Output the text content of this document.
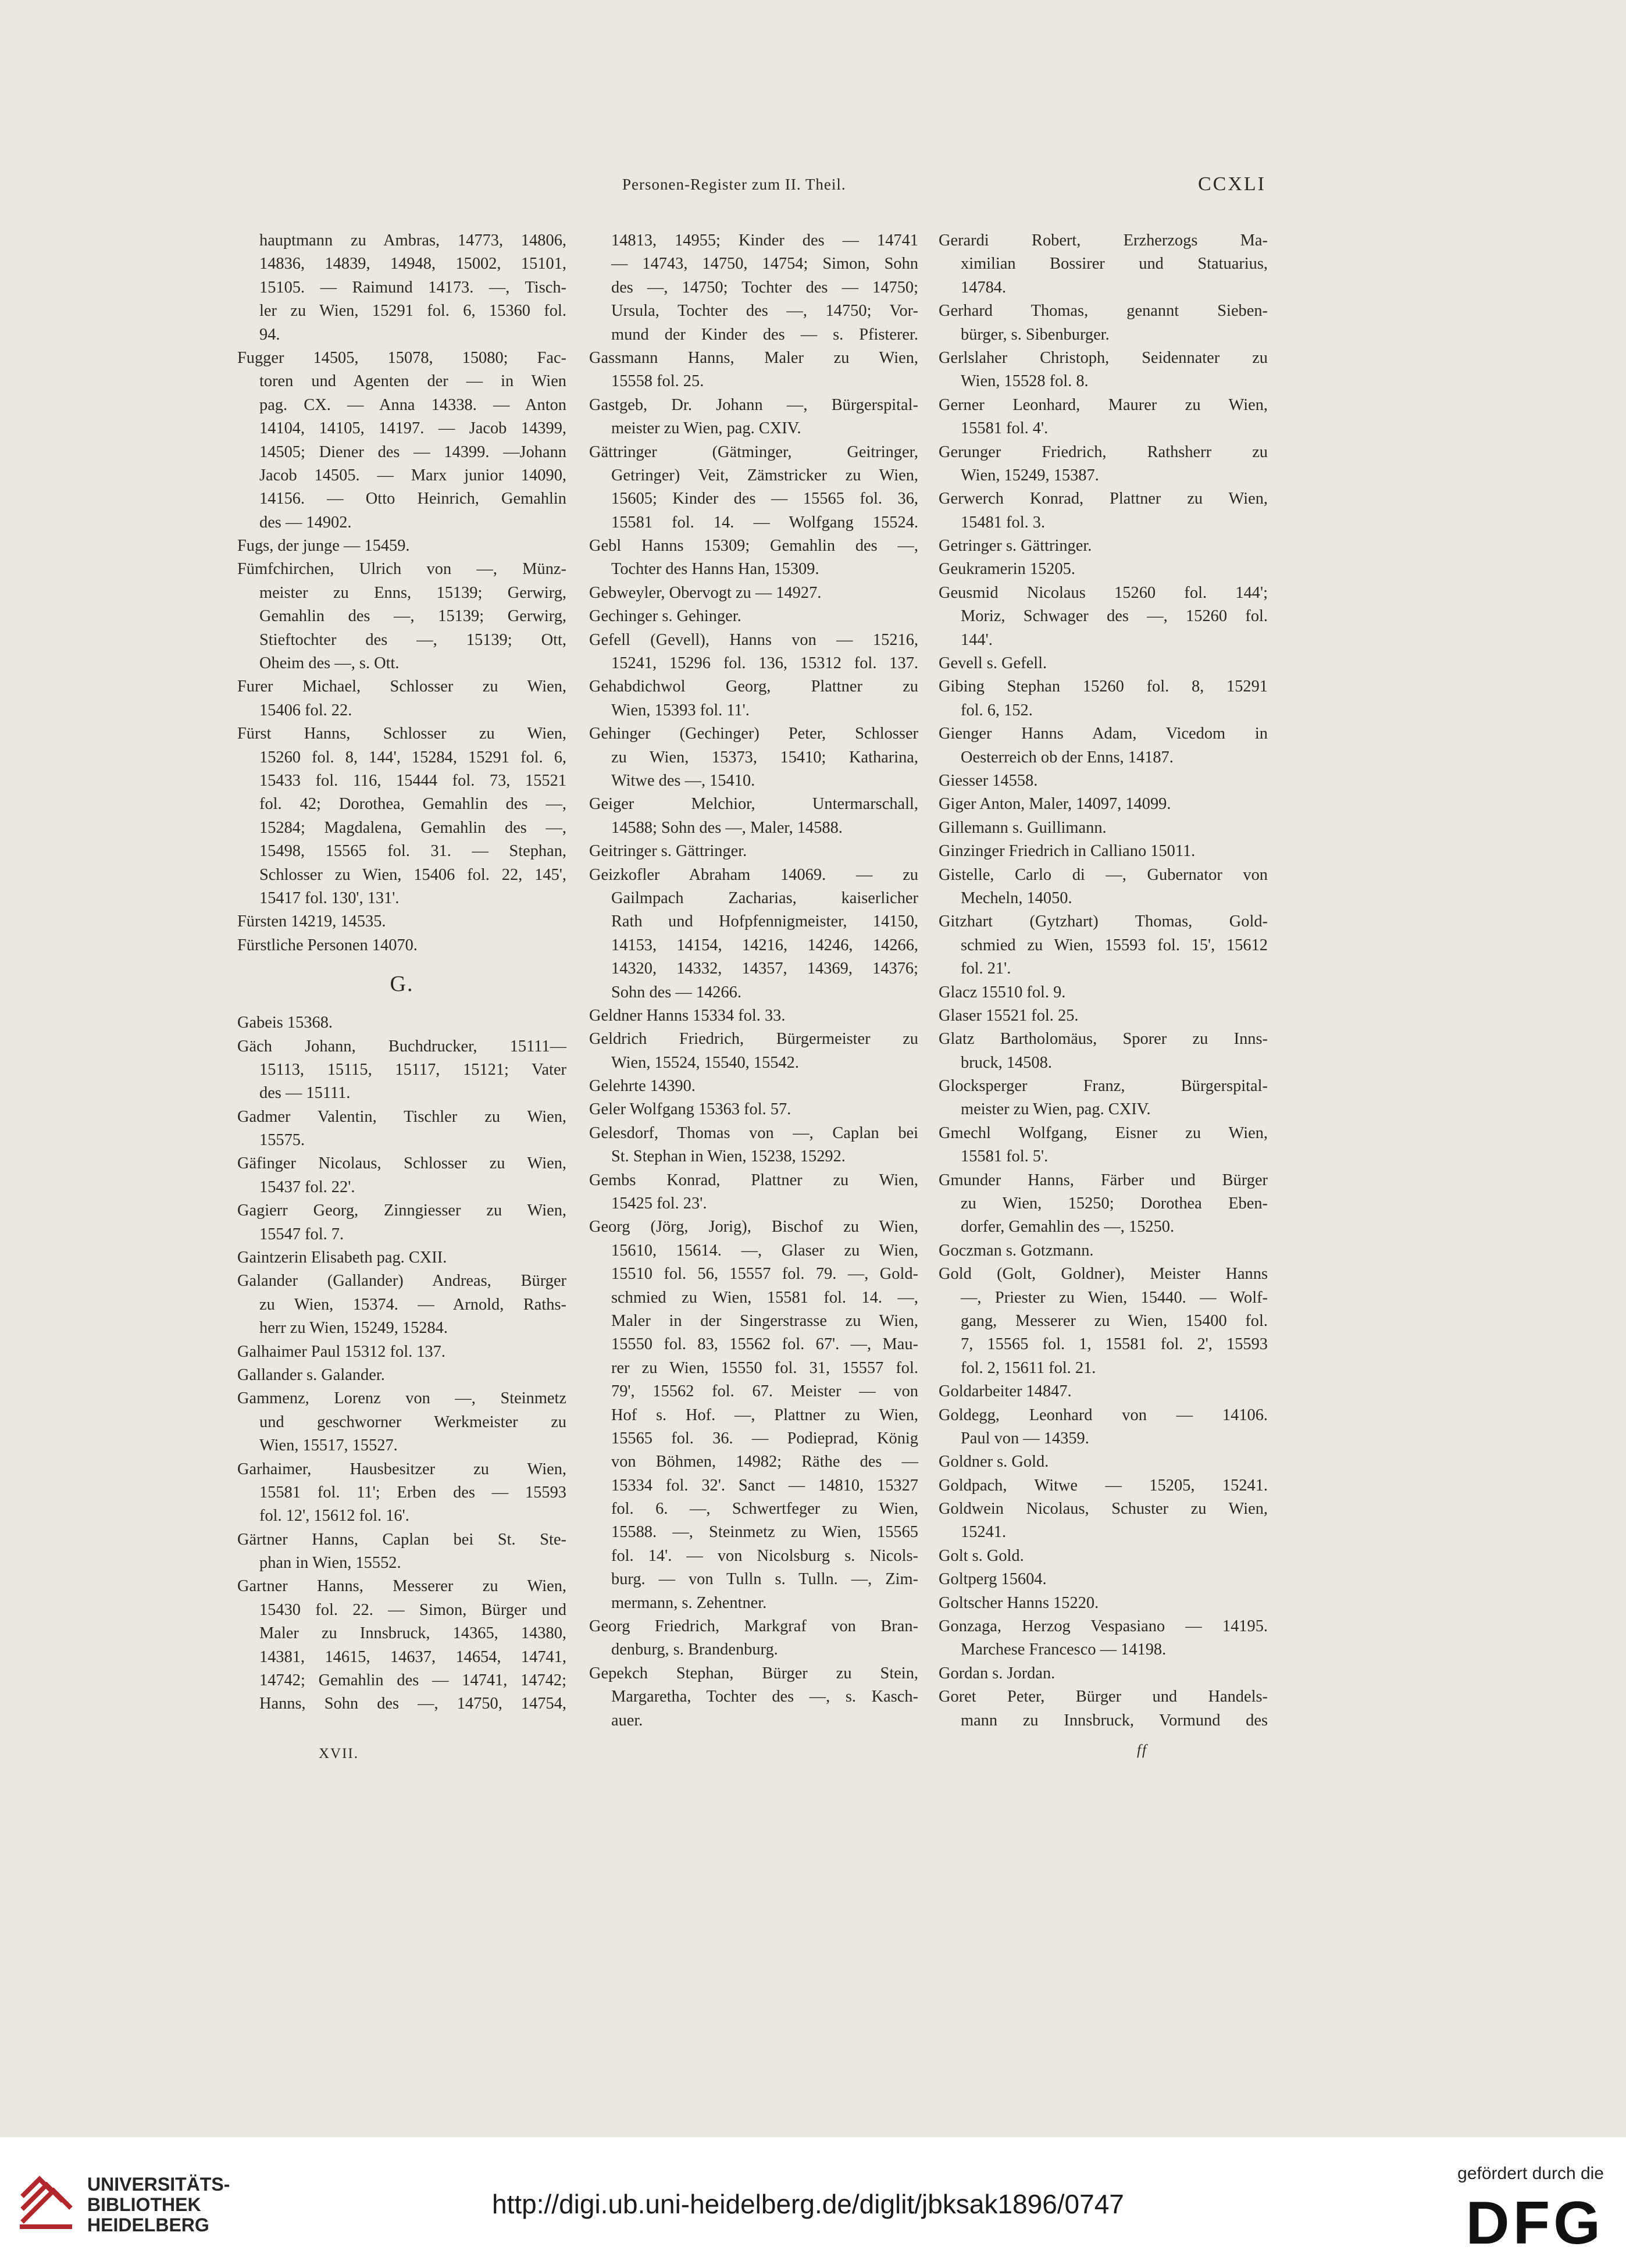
Personen-Register zum II. Theil.	CCXLI
hauptmann zu Ambras, 14773, 14806,
14836, 14839, 14948, 15002, 15101,
15105. — Raimund 14173. —, Tisch-
ler zu Wien, 15291 fol. 6, 15360 fol.
94.
Fugger 14505, 15078, 15080; Fac-
toren und Agenten der — in Wien
pag. CX. — Anna 14338. — Anton
14104, 14105, 14197. — Jacob 14399,
14505; Diener des — 14399. —Johann
Jacob 14505. — Marx junior 14090,
14156. — Otto Heinrich, Gemahlin
des — 14902.
Fugs, der junge — 15459.
Fümfchirchen, Ulrich von —, Münz-
meister zu Enns, 15139; Gerwirg,
Gemahlin des —, 15139; Gerwirg,
Stieftochter des —, 15139; Ott,
Oheim des —, s. Ott.
Furer Michael, Schlosser zu Wien,
15406 fol. 22.
Fürst Hanns, Schlosser zu Wien,
15260 fol. 8, 144', 15284, 15291 fol. 6,
15433 fol. 116, 15444 fol. 73, 15521
fol. 42; Dorothea, Gemahlin des —,
15284; Magdalena, Gemahlin des —,
15498, 15565 fol. 31. — Stephan,
Schlosser zu Wien, 15406 fol. 22, 145',
15417 fol. 130', 131'.
Fürsten 14219, 14535.
Fürstliche Personen 14070.
G.
Gabeis 15368.
Gäch Johann, Buchdrucker, 15111—
15113, 15115, 15117, 15121; Vater
des — 15111.
Gadmer Valentin, Tischler zu Wien,
15575.
Gäfinger Nicolaus, Schlosser zu Wien,
15437 fol. 22'.
Gagierr Georg, Zinngiesser zu Wien,
15547 fol. 7.
Gaintzerin Elisabeth pag. CXII.
Galander (Gallander) Andreas, Bürger
zu Wien, 15374. — Arnold, Raths-
herr zu Wien, 15249, 15284.
Galhaimer Paul 15312 fol. 137.
Gallander s. Galander.
Gammenz, Lorenz von —, Steinmetz
und geschworner Werkmeister zu
Wien, 15517, 15527.
Garhaimer, Hausbesitzer zu Wien,
15581 fol. 11'; Erben des — 15593
fol. 12', 15612 fol. 16'.
Gärtner Hanns, Caplan bei St. Ste-
phan in Wien, 15552.
Gartner Hanns, Messerer zu Wien,
15430 fol. 22. — Simon, Bürger und
Maler zu Innsbruck, 14365, 14380,
14381, 14615, 14637, 14654, 14741,
14742; Gemahlin des — 14741, 14742;
Hanns, Sohn des —, 14750, 14754,
14813, 14955; Kinder des — 14741
— 14743, 14750, 14754; Simon, Sohn
des —, 14750; Tochter des — 14750;
Ursula, Tochter des —, 14750; Vor-
mund der Kinder des — s. Pfisterer.
Gassmann Hanns, Maler zu Wien,
15558 fol. 25.
Gastgeb, Dr. Johann —, Bürgerspital-
meister zu Wien, pag. CXIV.
Gättringer (Gätminger, Geitringer,
Getringer) Veit, Zämstricker zu Wien,
15605; Kinder des — 15565 fol. 36,
15581 fol. 14. — Wolfgang 15524.
Gebl Hanns 15309; Gemahlin des —,
Tochter des Hanns Han, 15309.
Gebweyler, Obervogt zu — 14927.
Gechinger s. Gehinger.
Gefell (Gevell), Hanns von — 15216,
15241, 15296 fol. 136, 15312 fol. 137.
Gehabdichwol Georg, Plattner zu
Wien, 15393 fol. 11'.
Gehinger (Gechinger) Peter, Schlosser
zu Wien, 15373, 15410; Katharina,
Witwe des —, 15410.
Geiger Melchior, Untermarschall,
14588; Sohn des —, Maler, 14588.
Geitringer s. Gättringer.
Geizkofler Abraham 14069. — zu
Gailmpach Zacharias, kaiserlicher
Rath und Hofpfennigmeister, 14150,
14153, 14154, 14216, 14246, 14266,
14320, 14332, 14357, 14369, 14376;
Sohn des — 14266.
Geldner Hanns 15334 fol. 33.
Geldrich Friedrich, Bürgermeister zu
Wien, 15524, 15540, 15542.
Gelehrte 14390.
Geler Wolfgang 15363 fol. 57.
Gelesdorf, Thomas von —, Caplan bei
St. Stephan in Wien, 15238, 15292.
Gembs Konrad, Plattner zu Wien,
15425 fol. 23'.
Georg (Jörg, Jorig), Bischof zu Wien,
15610, 15614. —, Glaser zu Wien,
15510 fol. 56, 15557 fol. 79. —, Gold-
schmied zu Wien, 15581 fol. 14. —,
Maler in der Singerstrasse zu Wien,
15550 fol. 83, 15562 fol. 67'. —, Mau-
rer zu Wien, 15550 fol. 31, 15557 fol.
79', 15562 fol. 67. Meister — von
Hof s. Hof. —, Plattner zu Wien,
15565 fol. 36. — Podieprad, König
von Böhmen, 14982; Räthe des —
15334 fol. 32'. Sanct — 14810, 15327
fol. 6. —, Schwertfeger zu Wien,
15588. —, Steinmetz zu Wien, 15565
fol. 14'. — von Nicolsburg s. Nicols-
burg. — von Tulln s. Tulln. —, Zim-
mermann, s. Zehentner.
Georg Friedrich, Markgraf von Bran-
denburg, s. Brandenburg.
Gepekch Stephan, Bürger zu Stein,
Margaretha, Tochter des —, s. Kasch-
auer.
Gerardi Robert, Erzherzogs Ma-
ximilian Bossirer und Statuarius,
14784.
Gerhard Thomas, genannt Sieben-
bürger, s. Sibenburger.
Gerlslaher Christoph, Seidennater zu
Wien, 15528 fol. 8.
Gerner Leonhard, Maurer zu Wien,
15581 fol. 4'.
Gerunger Friedrich, Rathsherr zu
Wien, 15249, 15387.
Gerwerch Konrad, Plattner zu Wien,
15481 fol. 3.
Getringer s. Gättringer.
Geukramerin 15205.
Geusmid Nicolaus 15260 fol. 144';
Moriz, Schwager des —, 15260 fol.
144'.
Gevell s. Gefell.
Gibing Stephan 15260 fol. 8, 15291
fol. 6, 152.
Gienger Hanns Adam, Vicedom in
Oesterreich ob der Enns, 14187.
Giesser 14558.
Giger Anton, Maler, 14097, 14099.
Gillemann s. Guillimann.
Ginzinger Friedrich in Calliano 15011.
Gistelle, Carlo di —, Gubernator von
Mecheln, 14050.
Gitzhart (Gytzhart) Thomas, Gold-
schmied zu Wien, 15593 fol. 15', 15612
fol. 21'.
Glacz 15510 fol. 9.
Glaser 15521 fol. 25.
Glatz Bartholomäus, Sporer zu Inns-
bruck, 14508.
Glocksperger Franz, Bürgerspital-
meister zu Wien, pag. CXIV.
Gmechl Wolfgang, Eisner zu Wien,
15581 fol. 5'.
Gmunder Hanns, Färber und Bürger
zu Wien, 15250; Dorothea Eben-
dorfer, Gemahlin des —, 15250.
Goczman s. Gotzmann.
Gold (Golt, Goldner), Meister Hanns
—, Priester zu Wien, 15440. — Wolf-
gang, Messerer zu Wien, 15400 fol.
7, 15565 fol. 1, 15581 fol. 2', 15593
fol. 2, 15611 fol. 21.
Goldarbeiter 14847.
Goldegg, Leonhard von — 14106.
Paul von — 14359.
Goldner s. Gold.
Goldpach, Witwe — 15205, 15241.
Goldwein Nicolaus, Schuster zu Wien,
15241.
Golt s. Gold.
Goltperg 15604.
Goltscher Hanns 15220.
Gonzaga, Herzog Vespasiano — 14195.
Marchese Francesco — 14198.
Gordan s. Jordan.
Goret Peter, Bürger und Handels-
mann zu Innsbruck, Vormund des
XVII.	ff
UNIVERSITÄTS-
BIBLIOTHEK
HEIDELBERG
http://digi.ub.uni-heidelberg.de/diglit/jbksak1896/0747
gefördert durch die
DFG
